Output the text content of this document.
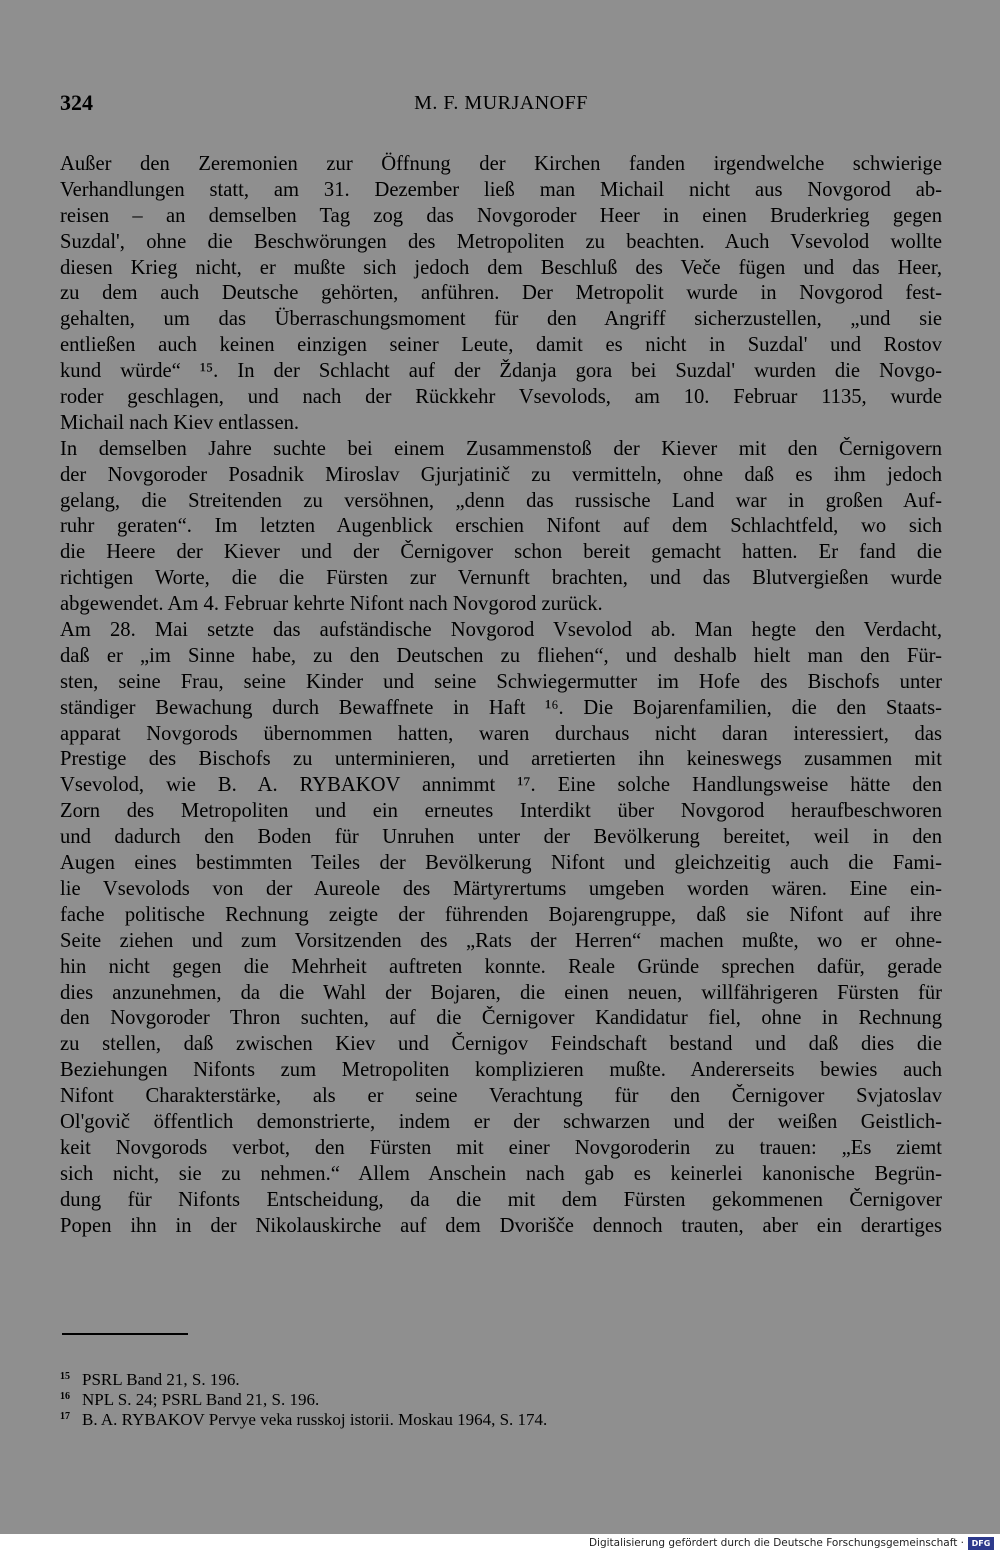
324	M. F. MURJANOFF

Außer den Zeremonien zur Öffnung der Kirchen fanden irgendwelche schwierige

Verhandlungen statt, am 31. Dezember ließ man Michail nicht aus Novgorod ab-

reisen – an demselben Tag zog das Novgoroder Heer in einen Bruderkrieg gegen

Suzdal', ohne die Beschwörungen des Metropoliten zu beachten. Auch Vsevolod wollte

diesen Krieg nicht, er mußte sich jedoch dem Beschluß des Veče fügen und das Heer,

zu dem auch Deutsche gehörten, anführen. Der Metropolit wurde in Novgorod fest-

gehalten, um das Überraschungsmoment für den Angriff sicherzustellen, „und sie

entließen auch keinen einzigen seiner Leute, damit es nicht in Suzdal' und Rostov

kund würde“ ¹⁵. In der Schlacht auf der Ždanja gora bei Suzdal' wurden die Novgo-

roder geschlagen, und nach der Rückkehr Vsevolods, am 10. Februar 1135, wurde

Michail nach Kiev entlassen.

In demselben Jahre suchte bei einem Zusammenstoß der Kiever mit den Černigovern

der Novgoroder Posadnik Miroslav Gjurjatinič zu vermitteln, ohne daß es ihm jedoch

gelang, die Streitenden zu versöhnen, „denn das russische Land war in großen Auf-

ruhr geraten“. Im letzten Augenblick erschien Nifont auf dem Schlachtfeld, wo sich

die Heere der Kiever und der Černigover schon bereit gemacht hatten. Er fand die

richtigen Worte, die die Fürsten zur Vernunft brachten, und das Blutvergießen wurde

abgewendet. Am 4. Februar kehrte Nifont nach Novgorod zurück.

Am 28. Mai setzte das aufständische Novgorod Vsevolod ab. Man hegte den Verdacht,

daß er „im Sinne habe, zu den Deutschen zu fliehen“, und deshalb hielt man den Für-

sten, seine Frau, seine Kinder und seine Schwiegermutter im Hofe des Bischofs unter

ständiger Bewachung durch Bewaffnete in Haft ¹⁶. Die Bojarenfamilien, die den Staats-

apparat Novgorods übernommen hatten, waren durchaus nicht daran interessiert, das

Prestige des Bischofs zu unterminieren, und arretierten ihn keineswegs zusammen mit

Vsevolod, wie B. A. RYBAKOV annimmt ¹⁷. Eine solche Handlungsweise hätte den

Zorn des Metropoliten und ein erneutes Interdikt über Novgorod heraufbeschworen

und dadurch den Boden für Unruhen unter der Bevölkerung bereitet, weil in den

Augen eines bestimmten Teiles der Bevölkerung Nifont und gleichzeitig auch die Fami-

lie Vsevolods von der Aureole des Märtyrertums umgeben worden wären. Eine ein-

fache politische Rechnung zeigte der führenden Bojarengruppe, daß sie Nifont auf ihre

Seite ziehen und zum Vorsitzenden des „Rats der Herren“ machen mußte, wo er ohne-

hin nicht gegen die Mehrheit auftreten konnte. Reale Gründe sprechen dafür, gerade

dies anzunehmen, da die Wahl der Bojaren, die einen neuen, willfährigeren Fürsten für

den Novgoroder Thron suchten, auf die Černigover Kandidatur fiel, ohne in Rechnung

zu stellen, daß zwischen Kiev und Černigov Feindschaft bestand und daß dies die

Beziehungen Nifonts zum Metropoliten komplizieren mußte. Andererseits bewies auch

Nifont Charakterstärke, als er seine Verachtung für den Černigover Svjatoslav

Ol'govič öffentlich demonstrierte, indem er der schwarzen und der weißen Geistlich-

keit Novgorods verbot, den Fürsten mit einer Novgoroderin zu trauen: „Es ziemt

sich nicht, sie zu nehmen.“ Allem Anschein nach gab es keinerlei kanonische Begrün-

dung für Nifonts Entscheidung, da die mit dem Fürsten gekommenen Černigover

Popen ihn in der Nikolauskirche auf dem Dvorišče dennoch trauten, aber ein derartiges

15 PSRL Band 21, S. 196.
16 NPL S. 24; PSRL Band 21, S. 196.
17 B. A. RYBAKOV Pervye veka russkoj istorii. Moskau 1964, S. 174.
Digitalisierung gefördert durch die Deutsche Forschungsgemeinschaft · DFG
